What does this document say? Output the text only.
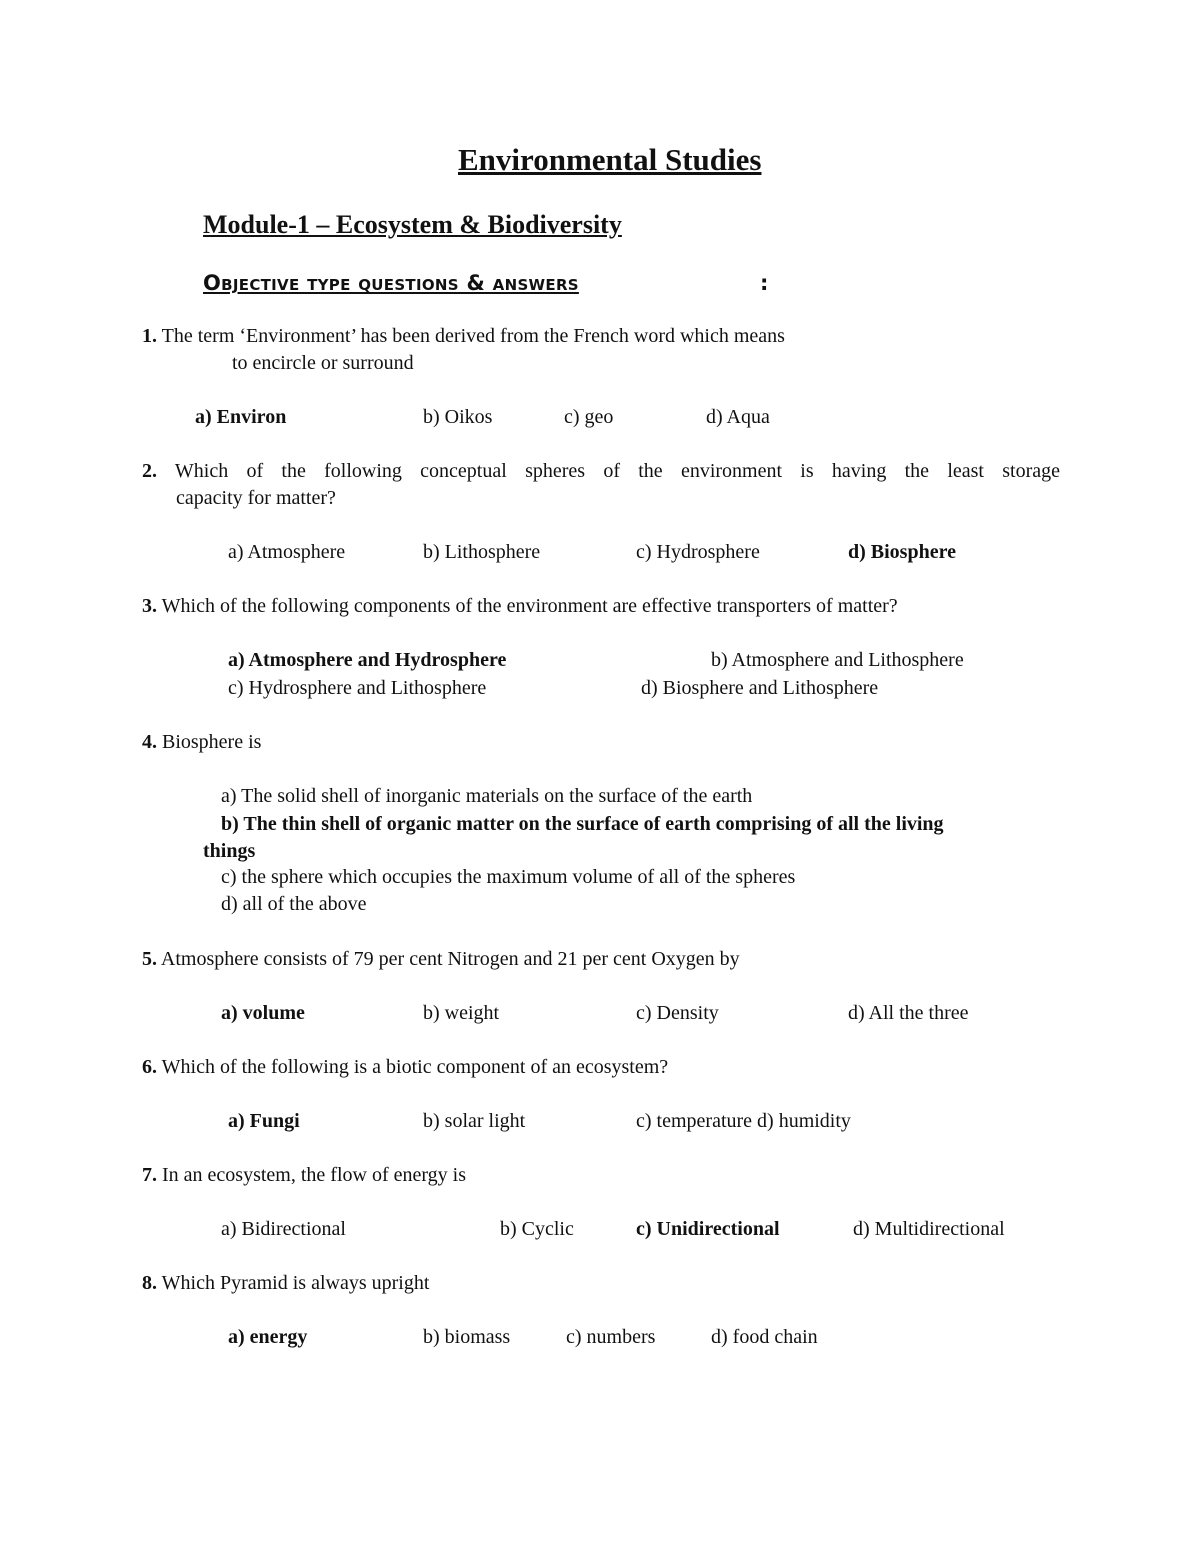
Environmental Studies
Module-1 – Ecosystem & Biodiversity
Objective type questions & answers	:
1. The term ‘Environment’ has been derived from the French word which means
to encircle or surround
a) Environ	b) Oikos	c) geo	d) Aqua
2. Which of the following conceptual spheres of the environment is having the least storage
capacity for matter?
a) Atmosphere	b) Lithosphere	c) Hydrosphere	d) Biosphere
3. Which of the following components of the environment are effective transporters of matter?
a) Atmosphere and Hydrosphere	b) Atmosphere and Lithosphere
c) Hydrosphere and Lithosphere	d) Biosphere and Lithosphere
4. Biosphere is
a) The solid shell of inorganic materials on the surface of the earth
b) The thin shell of organic matter on the surface of earth comprising of all the living
things
c) the sphere which occupies the maximum volume of all of the spheres
d) all of the above
5. Atmosphere consists of 79 per cent Nitrogen and 21 per cent Oxygen by
a) volume	b) weight	c) Density	d) All the three
6. Which of the following is a biotic component of an ecosystem?
a) Fungi	b) solar light	c) temperature d) humidity
7. In an ecosystem, the flow of energy is
a) Bidirectional	b) Cyclic	c) Unidirectional	d) Multidirectional
8. Which Pyramid is always upright
a) energy	b) biomass	c) numbers	d) food chain
